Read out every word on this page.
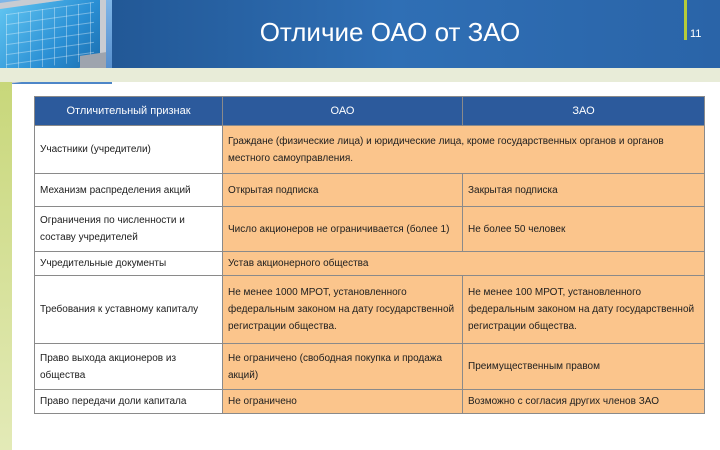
Отличие ОАО от ЗАО	11
Отличительный признак	ОАО	ЗАО
Участники (учредители)	Граждане (физические лица) и юридические лица, кроме государственных органов и органов местного самоуправления.	
Механизм распределения акций	Открытая подписка	Закрытая подписка
Ограничения по численности и составу учредителей	Число акционеров не ограничивается (более 1)	Не более 50 человек
Учредительные документы	Устав акционерного общества	
Требования к уставному капиталу	Не менее 1000 МРОТ, установленного федеральным законом на дату государственной регистрации общества.	Не менее 100 МРОТ, установленного федеральным законом на дату государственной регистрации общества.
Право выхода акционеров из общества	Не ограничено (свободная покупка и продажа акций)	Преимущественным правом
Право передачи доли капитала	Не ограничено	Возможно с согласия других членов ЗАО
